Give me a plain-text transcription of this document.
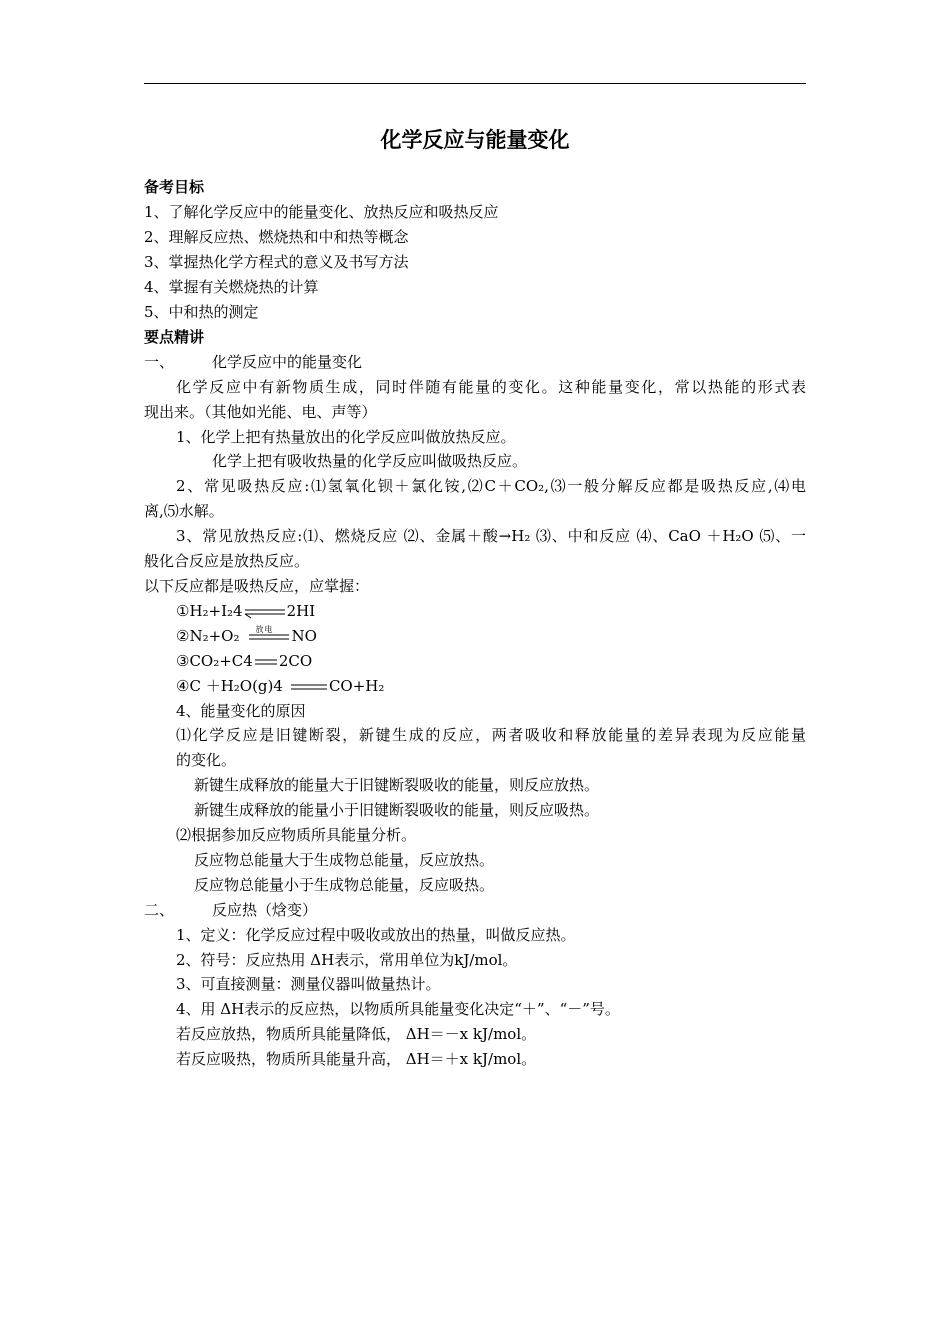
化学反应与能量变化
备考目标
1、了解化学反应中的能量变化、放热反应和吸热反应
2、理解反应热、燃烧热和中和热等概念
3、掌握热化学方程式的意义及书写方法
4、掌握有关燃烧热的计算
5、中和热的测定
要点精讲
一、	化学反应中的能量变化
化学反应中有新物质生成，同时伴随有能量的变化。这种能量变化，常以热能的形式表
现出来。（其他如光能、电、声等）
1、化学上把有热量放出的化学反应叫做放热反应。
化学上把有吸收热量的化学反应叫做吸热反应。
2、常见吸热反应:⑴氢氧化钡＋氯化铵,⑵C＋CO₂,⑶一般分解反应都是吸热反应,⑷电
离,⑸水解。
3、常见放热反应:⑴、燃烧反应 ⑵、金属＋酸→H₂ ⑶、中和反应 ⑷、CaO ＋H₂O ⑸、一
般化合反应是放热反应。
以下反应都是吸热反应，应掌握：
①H₂+I₂4	2HI
②N₂+O₂ 放电 NO
③CO₂+C4 2CO
④C ＋H₂O(g)4	CO+H₂
4、能量变化的原因
⑴化学反应是旧键断裂，新键生成的反应，两者吸收和释放能量的差异表现为反应能量
的变化。
新键生成释放的能量大于旧键断裂吸收的能量，则反应放热。
新键生成释放的能量小于旧键断裂吸收的能量，则反应吸热。
⑵根据参加反应物质所具能量分析。
反应物总能量大于生成物总能量，反应放热。
反应物总能量小于生成物总能量，反应吸热。
二、	反应热（焓变）
1、定义：化学反应过程中吸收或放出的热量，叫做反应热。
2、符号：反应热用 ΔH表示，常用单位为kJ/mol。
3、可直接测量：测量仪器叫做量热计。
4、用 ΔH表示的反应热，以物质所具能量变化决定“＋”、“－”号。
若反应放热，物质所具能量降低， ΔH＝－x kJ/mol。
若反应吸热，物质所具能量升高， ΔH＝＋x kJ/mol。
